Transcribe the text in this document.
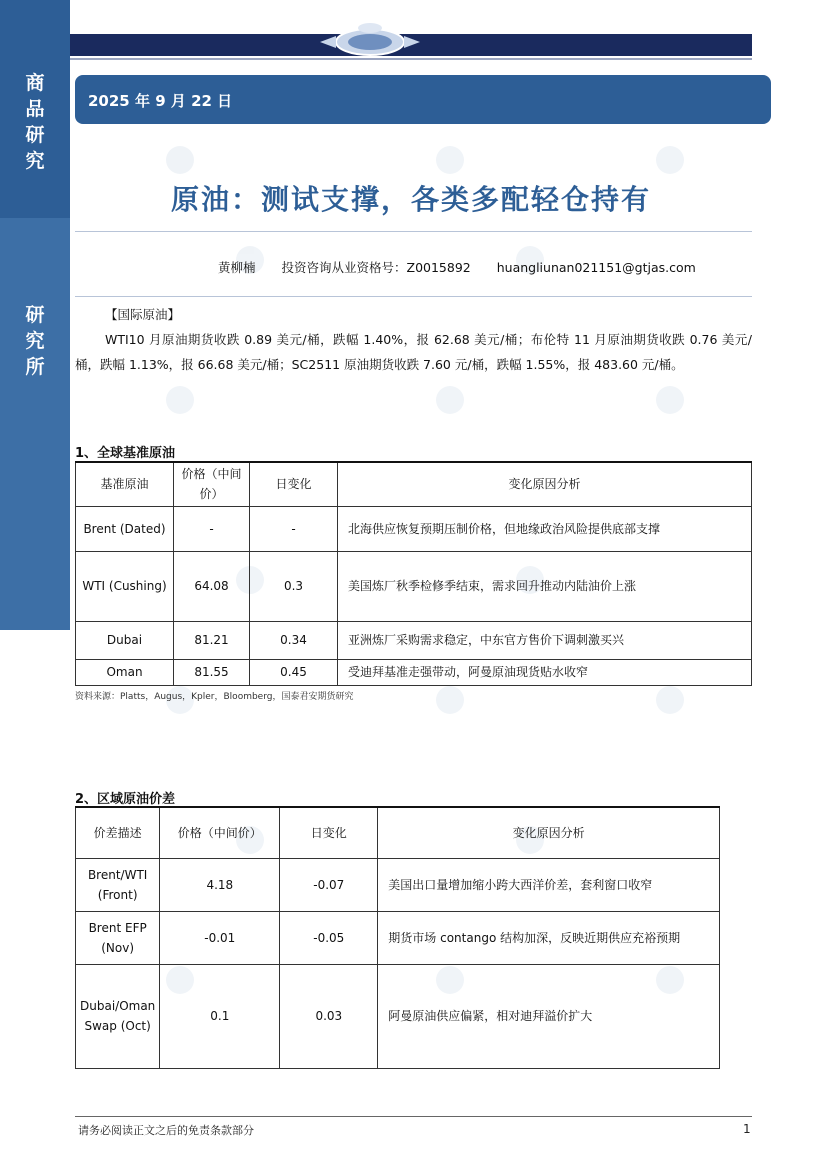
商
品
研
究
研
究
所
2025 年 9 月 22 日
原油：测试支撑，各类多配轻仓持有
黄柳楠 投资咨询从业资格号：Z0015892 huangliunan021151@gtjas.com
【国际原油】
WTI10 月原油期货收跌 0.89 美元/桶，跌幅 1.40%，报 62.68 美元/桶；布伦特 11 月原油期货收跌 0.76 美元/桶，跌幅 1.13%，报 66.68 美元/桶；SC2511 原油期货收跌 7.60 元/桶，跌幅 1.55%，报 483.60 元/桶。
1、全球基准原油
基准原油	价格（中间价）	日变化	变化原因分析
Brent (Dated)	-	-	北海供应恢复预期压制价格，但地缘政治风险提供底部支撑
WTI (Cushing)	64.08	0.3	美国炼厂秋季检修季结束，需求回升推动内陆油价上涨
Dubai	81.21	0.34	亚洲炼厂采购需求稳定，中东官方售价下调刺激买兴
Oman	81.55	0.45	受迪拜基准走强带动，阿曼原油现货贴水收窄
资料来源：Platts，Augus，Kpler，Bloomberg，国泰君安期货研究
2、区域原油价差
价差描述	价格（中间价）	日变化	变化原因分析
Brent/WTI (Front)	4.18	-0.07	美国出口量增加缩小跨大西洋价差，套利窗口收窄
Brent EFP (Nov)	-0.01	-0.05	期货市场 contango 结构加深，反映近期供应充裕预期
Dubai/Oman Swap (Oct)	0.1	0.03	阿曼原油供应偏紧，相对迪拜溢价扩大
请务必阅读正文之后的免责条款部分	1
